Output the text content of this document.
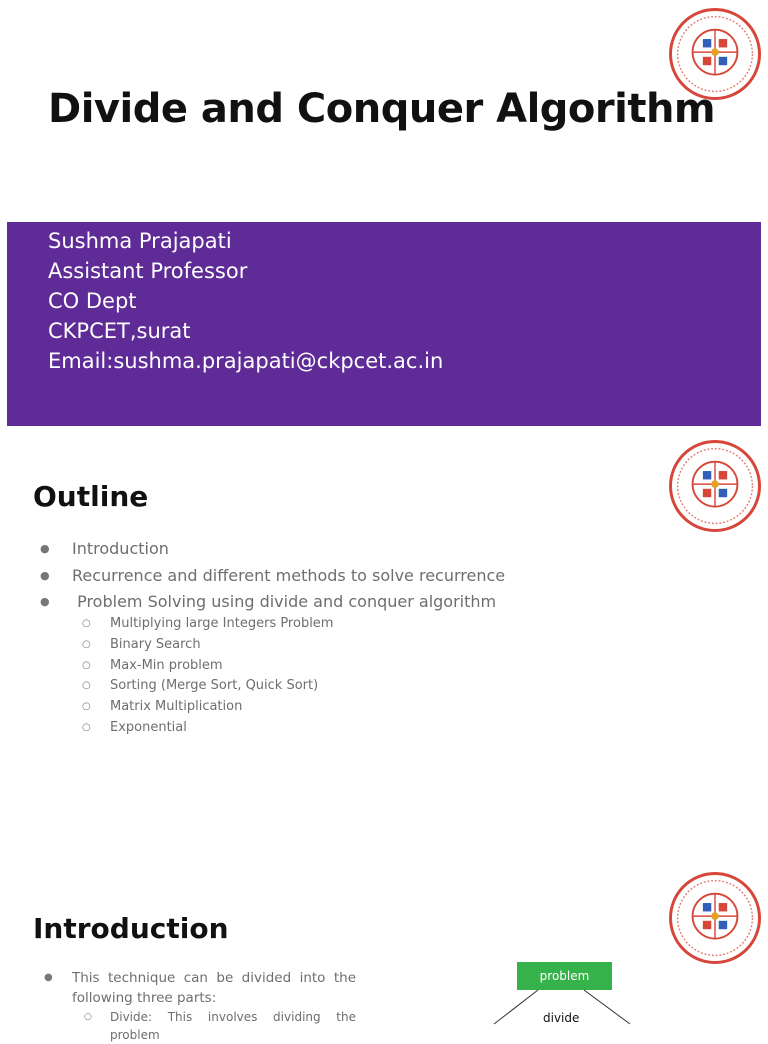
Divide and Conquer Algorithm
Sushma Prajapati
Assistant Professor
CO Dept
CKPCET,surat
Email:sushma.prajapati@ckpcet.ac.in
Outline
● Introduction
● Recurrence and different methods to solve recurrence
●  Problem Solving using divide and conquer algorithm
○ Multiplying large Integers Problem
○ Binary Search
○ Max-Min problem
○ Sorting (Merge Sort, Quick Sort)
○ Matrix Multiplication
○ Exponential
Introduction
● This technique can be divided into the
following three parts:
○ Divide: This involves dividing the problem
problem
divide
